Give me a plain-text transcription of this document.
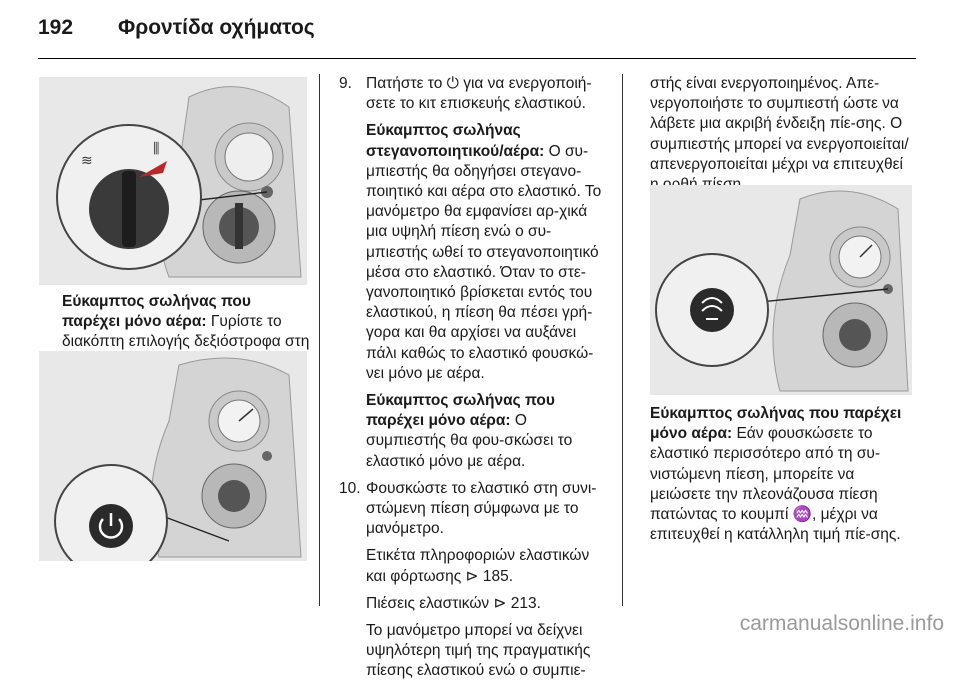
192 Φροντίδα οχήματος
≋
⫼

Εύκαμπτος σωλήνας που παρέχει μόνο αέρα: Γυρίστε το διακόπτη επιλογής δεξιόστροφα στη

9. Πατήστε το ⏻ για να ενεργοποιή-σετε το κιτ επισκευής ελαστικού.

Εύκαμπτος σωλήνας στεγανοποιητικού/αέρα: Ο συ-μπιεστής θα οδηγήσει στεγανο-ποιητικό και αέρα στο ελαστικό. Το μανόμετρο θα εμφανίσει αρ-χικά μια υψηλή πίεση ενώ ο συ-μπιεστής ωθεί το στεγανοποιητικό μέσα στο ελαστικό. Όταν το στε-γανοποιητικό βρίσκεται εντός του ελαστικού, η πίεση θα πέσει γρή-γορα και θα αρχίσει να αυξάνει πάλι καθώς το ελαστικό φουσκώ-νει μόνο με αέρα.

Εύκαμπτος σωλήνας που παρέχει μόνο αέρα: Ο συμπιεστής θα φου-σκώσει το ελαστικό μόνο με αέρα.

10. Φουσκώστε το ελαστικό στη συνι-στώμενη πίεση σύμφωνα με το μανόμετρο.

Ετικέτα πληροφοριών ελαστικών και φόρτωσης ⊳ 185.

Πιέσεις ελαστικών ⊳ 213.

Το μανόμετρο μπορεί να δείχνει υψηλότερη τιμή της πραγματικής πίεσης ελαστικού ενώ ο συμπιε-

στής είναι ενεργοποιημένος. Απε-νεργοποιήστε το συμπιεστή ώστε να λάβετε μια ακριβή ένδειξη πίε-σης. Ο συμπιεστής μπορεί να ενεργοποιείται/απενεργοποιείται μέχρι να επιτευχθεί

Εύκαμπτος σωλήνας που παρέχει μόνο αέρα: Εάν φουσκώσετε το ελαστικό περισσότερο από τη συ-νιστώμενη πίεση, μπορείτε να μειώσετε την πλεονάζουσα πίεση πατώντας το κουμπί ♒, μέχρι να επιτευχθεί η κατάλληλη τιμή πίε-σης.

carmanualsonline.info
